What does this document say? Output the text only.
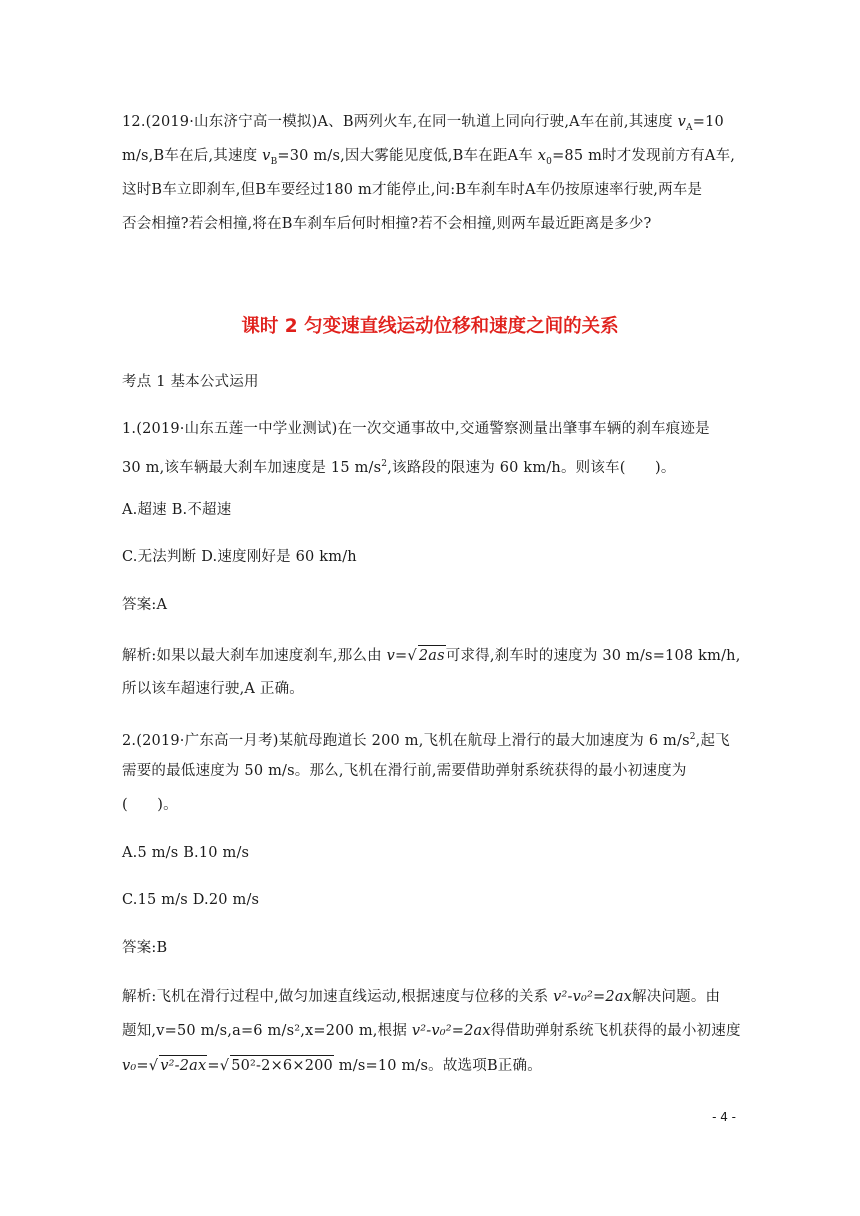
12.(2019·山东济宁高一模拟)A、B两列火车,在同一轨道上同向行驶,A车在前,其速度 $v_A=10$
m/s,B车在后,其速度 $v_B=30$ m/s,因大雾能见度低,B车在距A车 $x_0=85$ m时才发现前方有A车,
这时B车立即刹车,但B车要经过180 m才能停止,问:B车刹车时A车仍按原速率行驶,两车是
否会相撞?若会相撞,将在B车刹车后何时相撞?若不会相撞,则两车最近距离是多少?
课时 2 匀变速直线运动位移和速度之间的关系
考点 1 基本公式运用
1.(2019·山东五莲一中学业测试)在一次交通事故中,交通警察测量出肇事车辆的刹车痕迹是
30 m,该车辆最大刹车加速度是 15 $m/s^2$,该路段的限速为 60 km/h。则该车(　　)。
A.超速 B.不超速
C.无法判断 D.速度刚好是 60 km/h
答案:A
解析:如果以最大刹车加速度刹车,那么由 v=√ 2as可求得,刹车时的速度为 30 m/s=108 km/h,
所以该车超速行驶,A 正确。
2.(2019·广东高一月考)某航母跑道长 200 m,飞机在航母上滑行的最大加速度为 6 $m/s^2$,起飞
需要的最低速度为 50 m/s。那么,飞机在滑行前,需要借助弹射系统获得的最小初速度为
(　　)。
A.5 m/s B.10 m/s
C.15 m/s D.20 m/s
答案:B
解析:飞机在滑行过程中,做匀加速直线运动,根据速度与位移的关系 v²-v₀²=2ax解决问题。由
题知,v=50 m/s,a=6 m/s²,x=200 m,根据 v²-v₀²=2ax得借助弹射系统飞机获得的最小初速度
v₀=√ v²-2ax=√ 50²-2×6×200 m/s=10 m/s。故选项B正确。
- 4 -
